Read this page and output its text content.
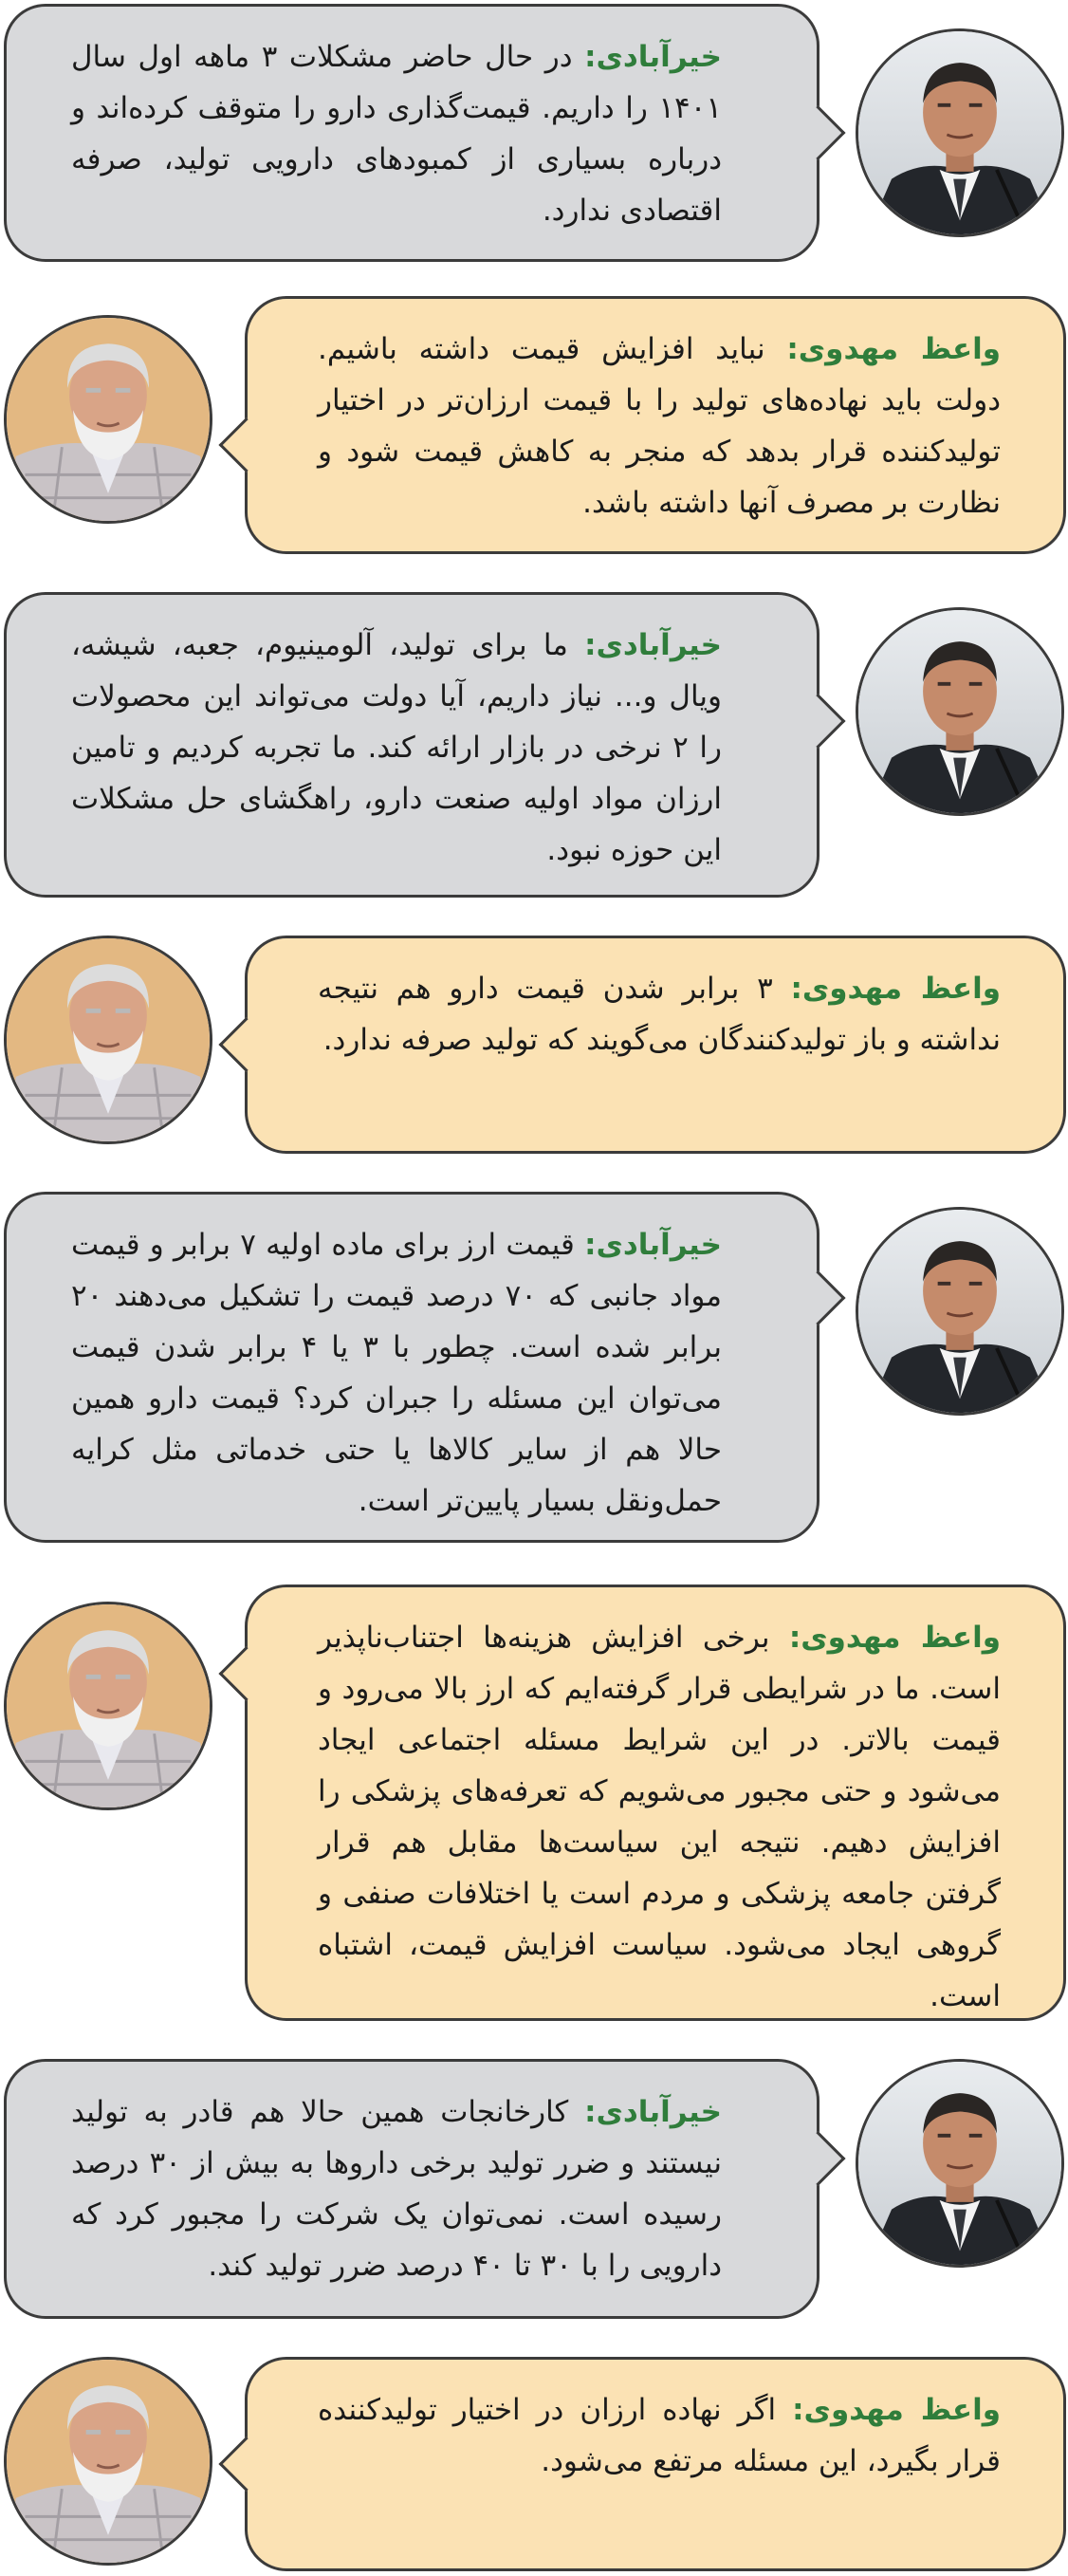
خیرآبادی: در حال حاضر مشکلات ۳ ماهه اول سال ۱۴۰۱ را داریم. قیمت‌گذاری دارو را متوقف کرده‌اند و درباره بسیاری از کمبودهای دارویی تولید، صرفه اقتصادی ندارد.
واعظ مهدوی: نباید افزایش قیمت داشته باشیم. دولت باید نهاده‌های تولید را با قیمت ارزان‌تر در اختیار تولیدکننده قرار بدهد که منجر به کاهش قیمت شود و نظارت بر مصرف آنها داشته باشد.
خیرآبادی: ما برای تولید، آلومینیوم، جعبه، شیشه، ویال و... نیاز داریم، آیا دولت می‌تواند این محصولات را ۲ نرخی در بازار ارائه کند. ما تجربه کردیم و تامین ارزان مواد اولیه صنعت دارو، راهگشای حل مشکلات این حوزه نبود.
واعظ مهدوی: ۳ برابر شدن قیمت دارو هم نتیجه نداشته و باز تولیدکنندگان می‌گویند که تولید صرفه ندارد.
خیرآبادی: قیمت ارز برای ماده اولیه ۷ برابر و قیمت مواد جانبی که ۷۰ درصد قیمت را تشکیل می‌دهند ۲۰ برابر شده است. چطور با ۳ یا ۴ برابر شدن قیمت می‌توان این مسئله را جبران کرد؟ قیمت دارو همین حالا هم از سایر کالاها یا حتی خدماتی مثل کرایه حمل‌ونقل بسیار پایین‌تر است.
واعظ مهدوی: برخی افزایش هزینه‌ها اجتناب‌ناپذیر است. ما در شرایطی قرار گرفته‌ایم که ارز بالا می‌رود و قیمت بالاتر. در این شرایط مسئله اجتماعی ایجاد می‌شود و حتی مجبور می‌شویم که تعرفه‌های پزشکی را افزایش دهیم. نتیجه این سیاست‌ها مقابل هم قرار گرفتن جامعه پزشکی و مردم است یا اختلافات صنفی و گروهی ایجاد می‌شود. سیاست افزایش قیمت، اشتباه است.
خیرآبادی: کارخانجات همین حالا هم قادر به تولید نیستند و ضرر تولید برخی داروها به بیش از ۳۰ درصد رسیده است. نمی‌توان یک شرکت را مجبور کرد که دارویی را با ۳۰ تا ۴۰ درصد ضرر تولید کند.
واعظ مهدوی: اگر نهاده ارزان در اختیار تولیدکننده قرار بگیرد، این مسئله مرتفع می‌شود.
